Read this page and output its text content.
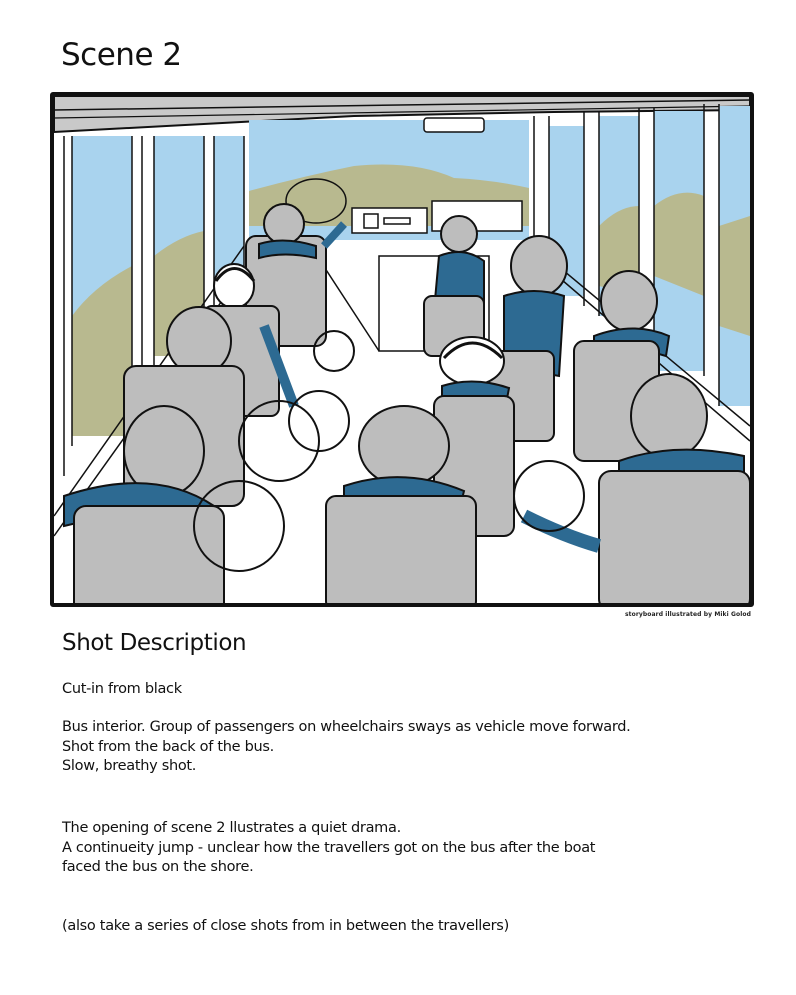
Scene 2
storyboard illustrated by Miki Golod
Shot Description

Cut-in from black

Bus interior. Group of passengers on wheelchairs sways as vehicle move forward.

Shot from the back of the bus.

Slow, breathy shot.

The opening of scene 2 llustrates a quiet drama.

A continueity jump - unclear how the travellers got on the bus after the boat

faced the bus on the shore.

(also take a series of close shots from in between the travellers)
